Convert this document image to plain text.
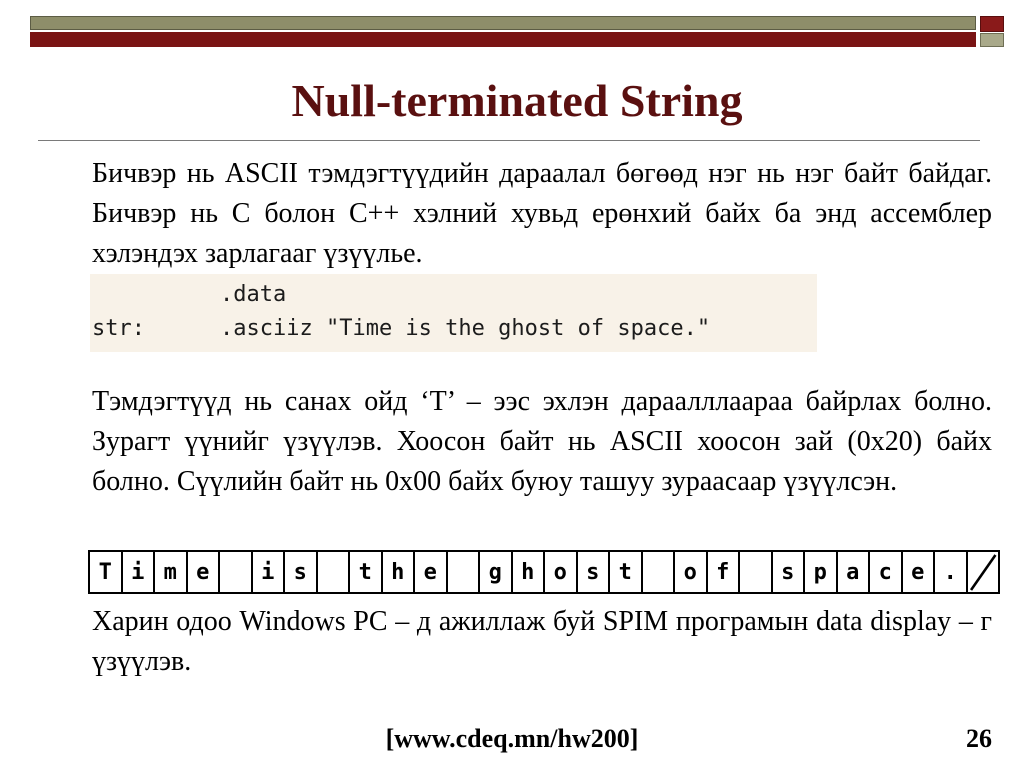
Null-terminated String

Бичвэр нь ASCII тэмдэгтүүдийн дараалал бөгөөд нэг нь нэг байт байдаг. Бичвэр нь C болон C++ хэлний хувьд ерөнхий байх ба энд ассемблер хэлэндэх зарлагааг үзүүлье.

.data

str:

	.asciiz "Time is the ghost of space."

Тэмдэгтүүд нь санах ойд ‘T’ – ээс эхлэн дараалл​лаараа байрлах болно. Зурагт үүнийг үзүүлэв. Хоосон байт нь ASCII хоосон зай (0x20) байх болно. Сүүлийн байт нь 0x00 байх буюу ташуу зураасаар үзүүлсэн.

T i m e	i s	t h e	g h o s t	o f	s p a c e .

Харин одоо Windows PC – д ажиллаж буй SPIM програмын data display – г үзүүлэв.

[www.cdeq.mn/hw200]	26
